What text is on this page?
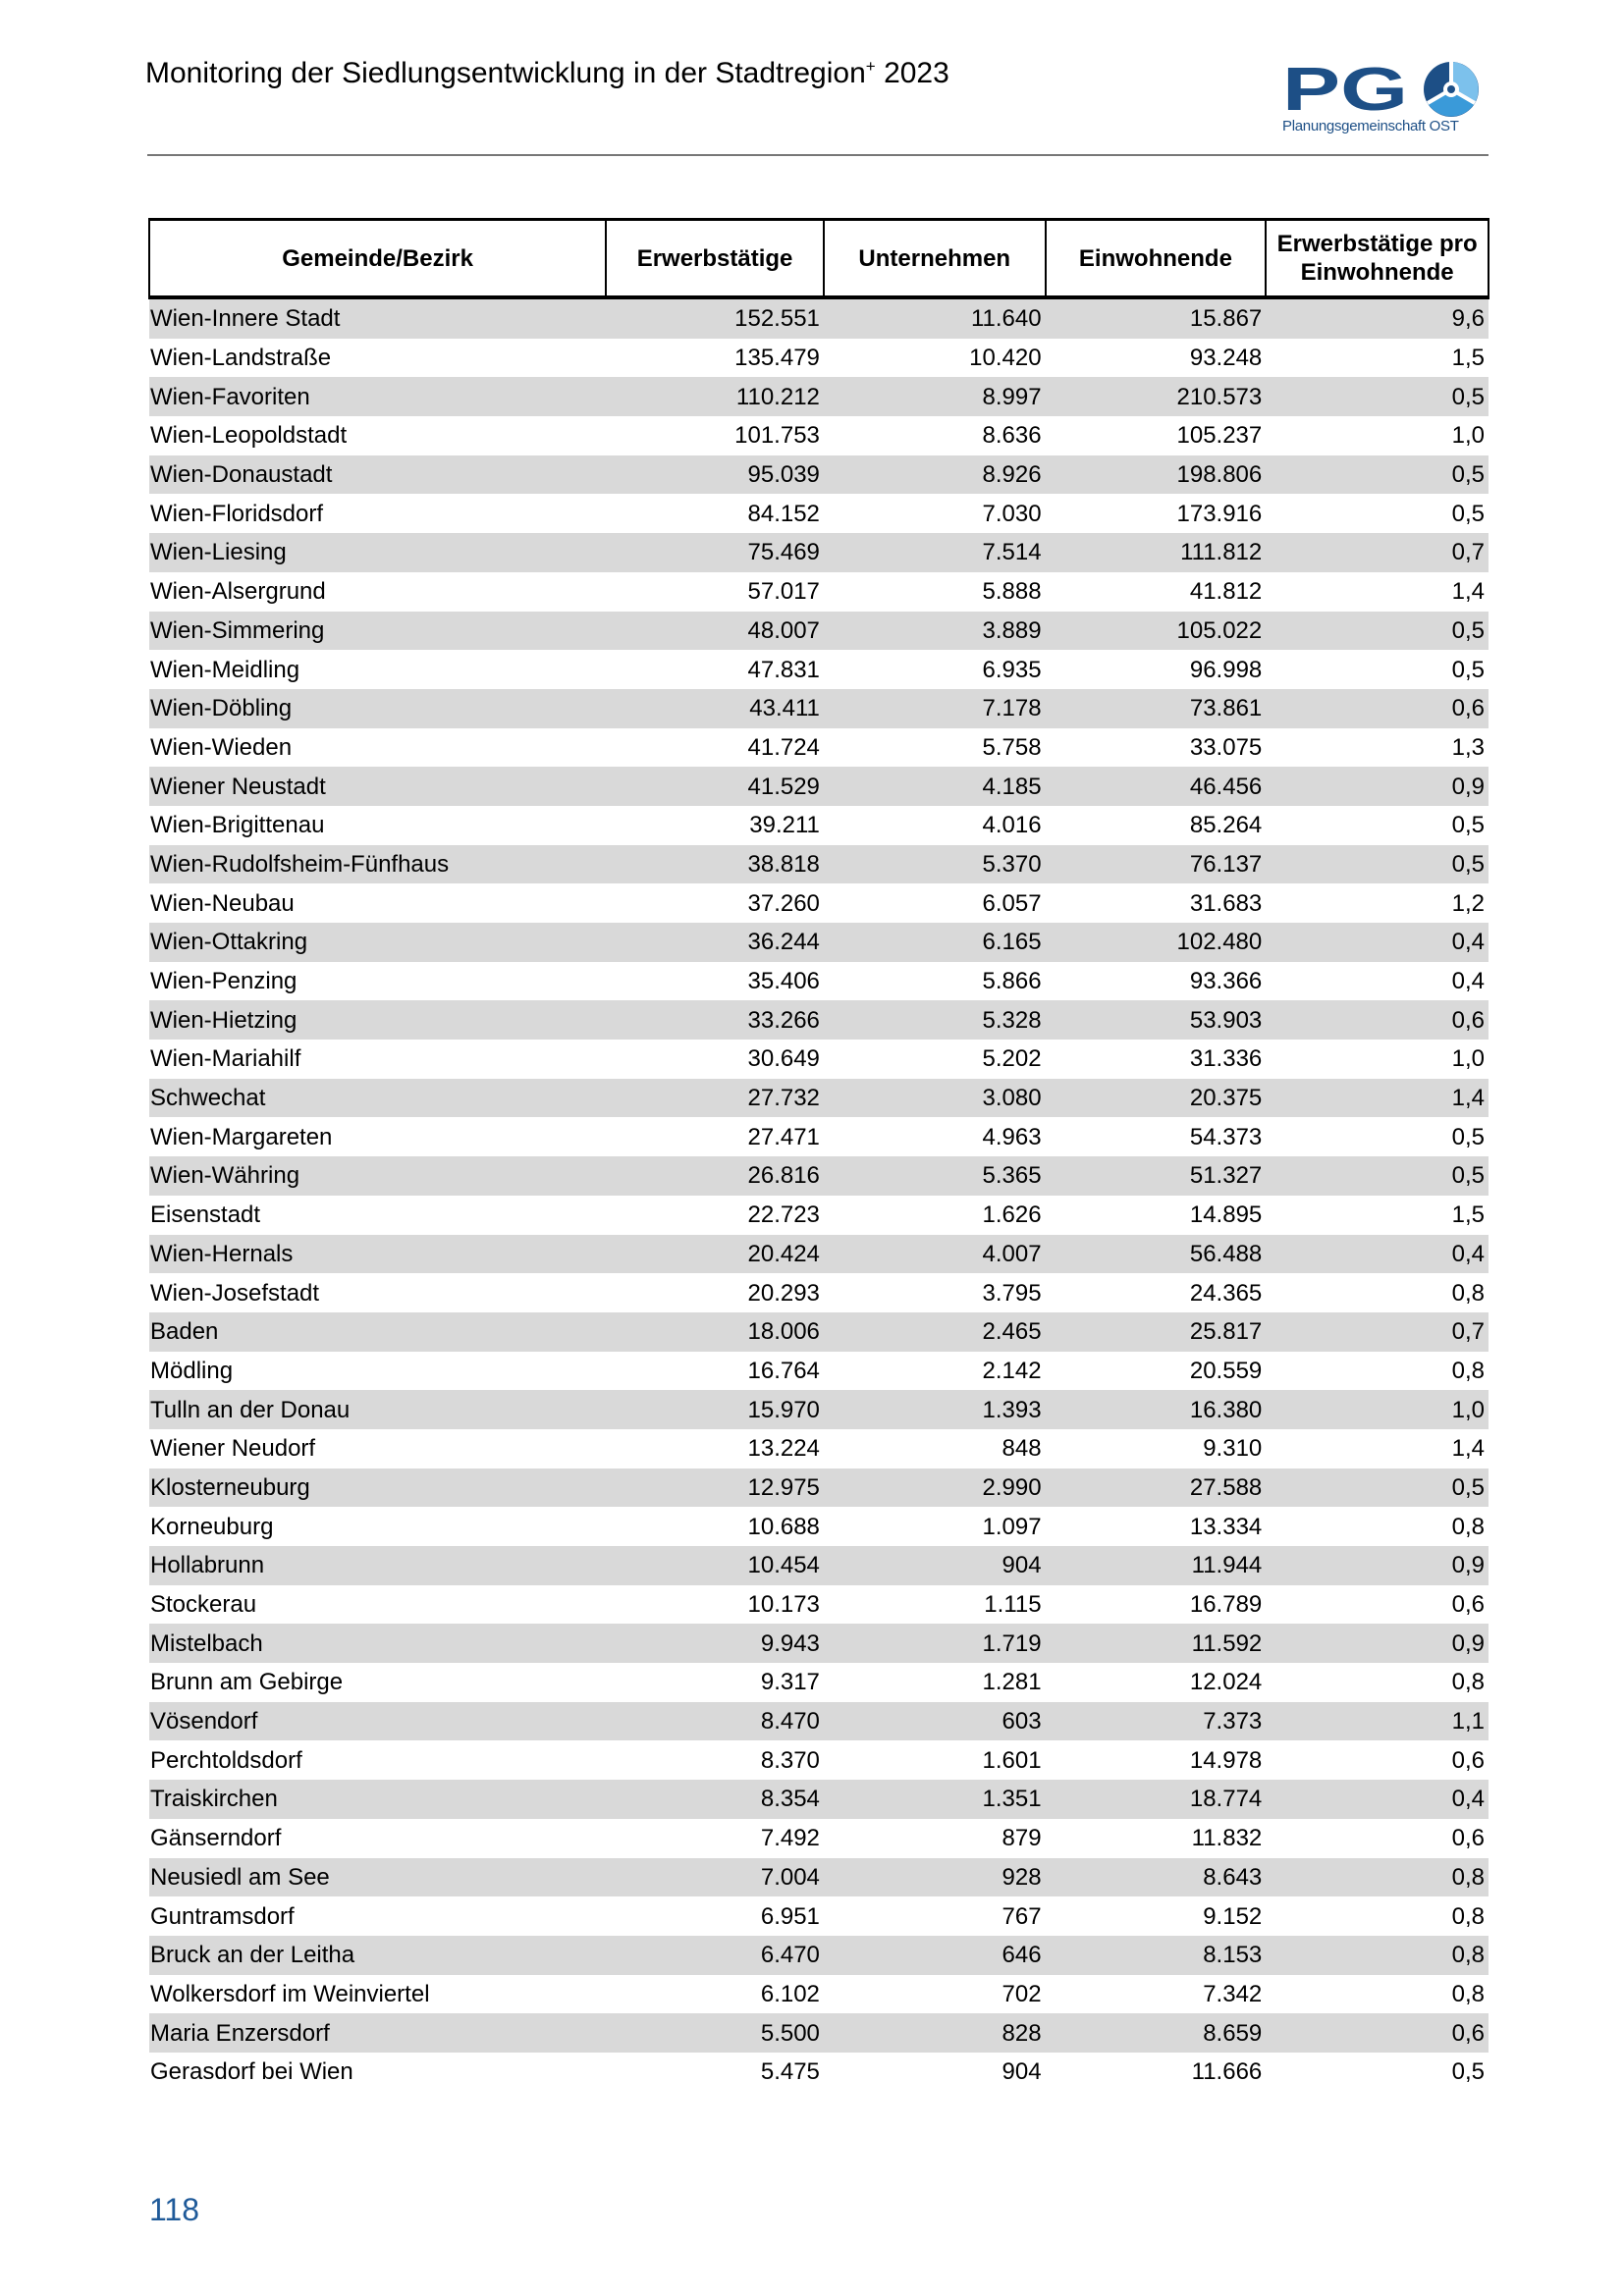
Monitoring der Siedlungsentwicklung in der Stadtregion+ 2023	PG
Planungsgemeinschaft OST
Gemeinde/Bezirk	Erwerbstätige	Unternehmen	Einwohnende	Erwerbstätige pro Einwohnende
Wien-Innere Stadt	152.551	11.640	15.867	9,6
Wien-Landstraße	135.479	10.420	93.248	1,5
Wien-Favoriten	110.212	8.997	210.573	0,5
Wien-Leopoldstadt	101.753	8.636	105.237	1,0
Wien-Donaustadt	95.039	8.926	198.806	0,5
Wien-Floridsdorf	84.152	7.030	173.916	0,5
Wien-Liesing	75.469	7.514	111.812	0,7
Wien-Alsergrund	57.017	5.888	41.812	1,4
Wien-Simmering	48.007	3.889	105.022	0,5
Wien-Meidling	47.831	6.935	96.998	0,5
Wien-Döbling	43.411	7.178	73.861	0,6
Wien-Wieden	41.724	5.758	33.075	1,3
Wiener Neustadt	41.529	4.185	46.456	0,9
Wien-Brigittenau	39.211	4.016	85.264	0,5
Wien-Rudolfsheim-Fünfhaus	38.818	5.370	76.137	0,5
Wien-Neubau	37.260	6.057	31.683	1,2
Wien-Ottakring	36.244	6.165	102.480	0,4
Wien-Penzing	35.406	5.866	93.366	0,4
Wien-Hietzing	33.266	5.328	53.903	0,6
Wien-Mariahilf	30.649	5.202	31.336	1,0
Schwechat	27.732	3.080	20.375	1,4
Wien-Margareten	27.471	4.963	54.373	0,5
Wien-Währing	26.816	5.365	51.327	0,5
Eisenstadt	22.723	1.626	14.895	1,5
Wien-Hernals	20.424	4.007	56.488	0,4
Wien-Josefstadt	20.293	3.795	24.365	0,8
Baden	18.006	2.465	25.817	0,7
Mödling	16.764	2.142	20.559	0,8
Tulln an der Donau	15.970	1.393	16.380	1,0
Wiener Neudorf	13.224	848	9.310	1,4
Klosterneuburg	12.975	2.990	27.588	0,5
Korneuburg	10.688	1.097	13.334	0,8
Hollabrunn	10.454	904	11.944	0,9
Stockerau	10.173	1.115	16.789	0,6
Mistelbach	9.943	1.719	11.592	0,9
Brunn am Gebirge	9.317	1.281	12.024	0,8
Vösendorf	8.470	603	7.373	1,1
Perchtoldsdorf	8.370	1.601	14.978	0,6
Traiskirchen	8.354	1.351	18.774	0,4
Gänserndorf	7.492	879	11.832	0,6
Neusiedl am See	7.004	928	8.643	0,8
Guntramsdorf	6.951	767	9.152	0,8
Bruck an der Leitha	6.470	646	8.153	0,8
Wolkersdorf im Weinviertel	6.102	702	7.342	0,8
Maria Enzersdorf	5.500	828	8.659	0,6
Gerasdorf bei Wien	5.475	904	11.666	0,5
118
